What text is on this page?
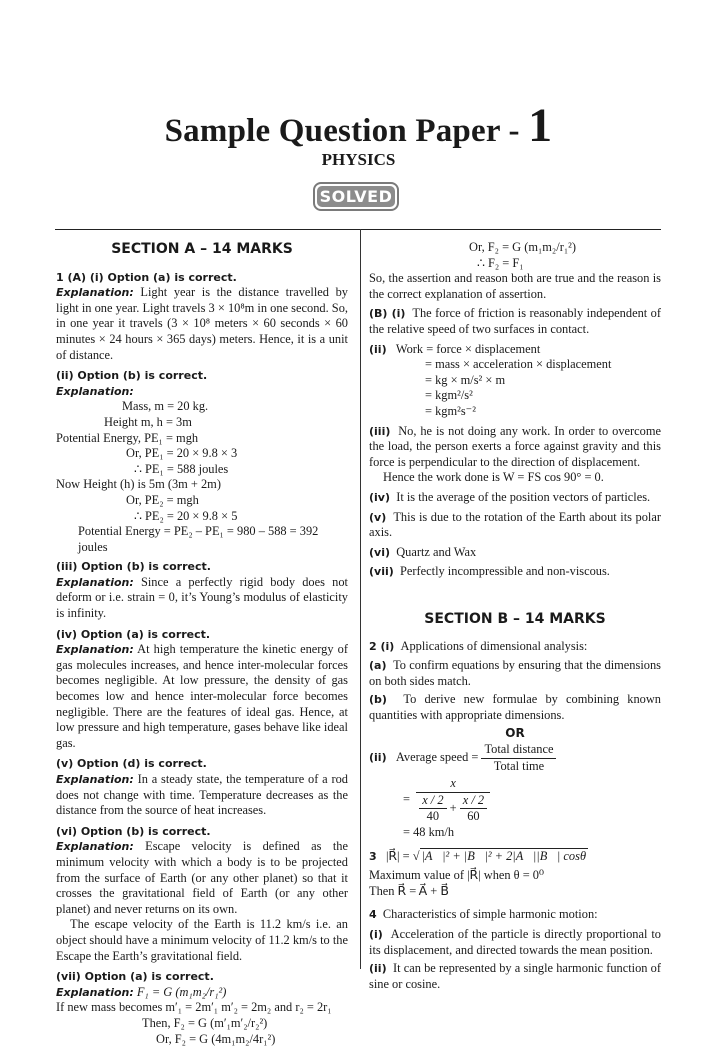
Sample Question Paper - 1
PHYSICS
SOLVED
SECTION A – 14 MARKS

1 (A) (i) Option (a) is correct.

Explanation: Light year is the distance travelled by light in one year. Light travels 3 × 10⁸m in one second. So, in one year it travels (3 × 10⁸ meters × 60 seconds × 60 minutes × 24 hours × 365 days) meters. Hence, it is a unit of distance.

(ii) Option (b) is correct.

Explanation:

Mass, m = 20 kg.

Height m, h = 3m

Potential Energy, PE₁ = mgh

Or, PE₁ = 20 × 9.8 × 3

∴ PE₁ = 588 joules

Now Height (h) is 5m (3m + 2m)

Or, PE₂ = mgh

∴ PE₂ = 20 × 9.8 × 5

Potential Energy = PE₂ – PE₁ = 980 – 588 = 392 joules

(iii) Option (b) is correct.

Explanation: Since a perfectly rigid body does not deform or i.e. strain = 0, it’s Young’s modulus of elasticity is infinity.

(iv) Option (a) is correct.

Explanation: At high temperature the kinetic energy of gas molecules increases, and hence inter-molecular forces becomes negligible. At low pressure, the density of gas becomes low and hence inter-molecular force becomes negligible. There are the features of ideal gas. Hence, at low pressure and high temperature, gases behave like ideal gas.

(v) Option (d) is correct.

Explanation: In a steady state, the temperature of a rod does not change with time. Temperature decreases as the distance from the source of heat increases.

(vi) Option (b) is correct.

Explanation: Escape velocity is defined as the minimum velocity with which a body is to be projected from the surface of Earth (or any other planet) so that it crosses the gravitational field of Earth (or any other planet) and never returns on its own.

The escape velocity of the Earth is 11.2 km/s i.e. an object should have a minimum velocity of 11.2 km/s to the Escape the Earth’s gravitational field.

(vii) Option (a) is correct.

Explanation: F₁ = G (m₁m₂/r₁²)

If new mass becomes m′₁ = 2m′₁ m′₂ = 2m₂ and r₂ = 2r₁

Then, F₂ = G (m′₁m′₂/r₂²)

Or, F₂ = G (4m₁m₂/4r₁²)

Or, F₂ = G (m₁m₂/r₁²)

∴ F₂ = F₁

So, the assertion and reason both are true and the reason is the correct explanation of assertion.

(B) (i) The force of friction is reasonably independent of the relative speed of two surfaces in contact.

(ii) Work = force × displacement

= mass × acceleration × displacement

= kg × m/s² × m

= kgm²/s²

= kgm²s⁻²

(iii) No, he is not doing any work. In order to overcome the load, the person exerts a force against gravity and this force is perpendicular to the direction of displacement.

Hence the work done is W = FS cos 90° = 0.

(iv) It is the average of the position vectors of particles.

(v) This is due to the rotation of the Earth about its polar axis.

(vi) Quartz and Wax

(vii) Perfectly incompressible and non-viscous.

SECTION B – 14 MARKS

2 (i) Applications of dimensional analysis:

(a) To confirm equations by ensuring that the dimensions on both sides match.

(b) To derive new formulae by combining known quantities with appropriate dimensions.

OR

(ii) Average speed = $\frac{\text{Total distance}}{\text{Total time}}$

= $\frac{x}{\frac{x / 2}{40} + \frac{x / 2}{60}}$

= 48 km/h

3 |R⃗| = √ |A⃗|² + |B⃗|² + 2|A⃗||B⃗| cosθ

Maximum value of |R⃗| when θ = 0⁰

Then R⃗ = A⃗ + B⃗

4 Characteristics of simple harmonic motion:

(i) Acceleration of the particle is directly proportional to its displacement, and directed towards the mean position.

(ii) It can be represented by a single harmonic function of sine or cosine.
